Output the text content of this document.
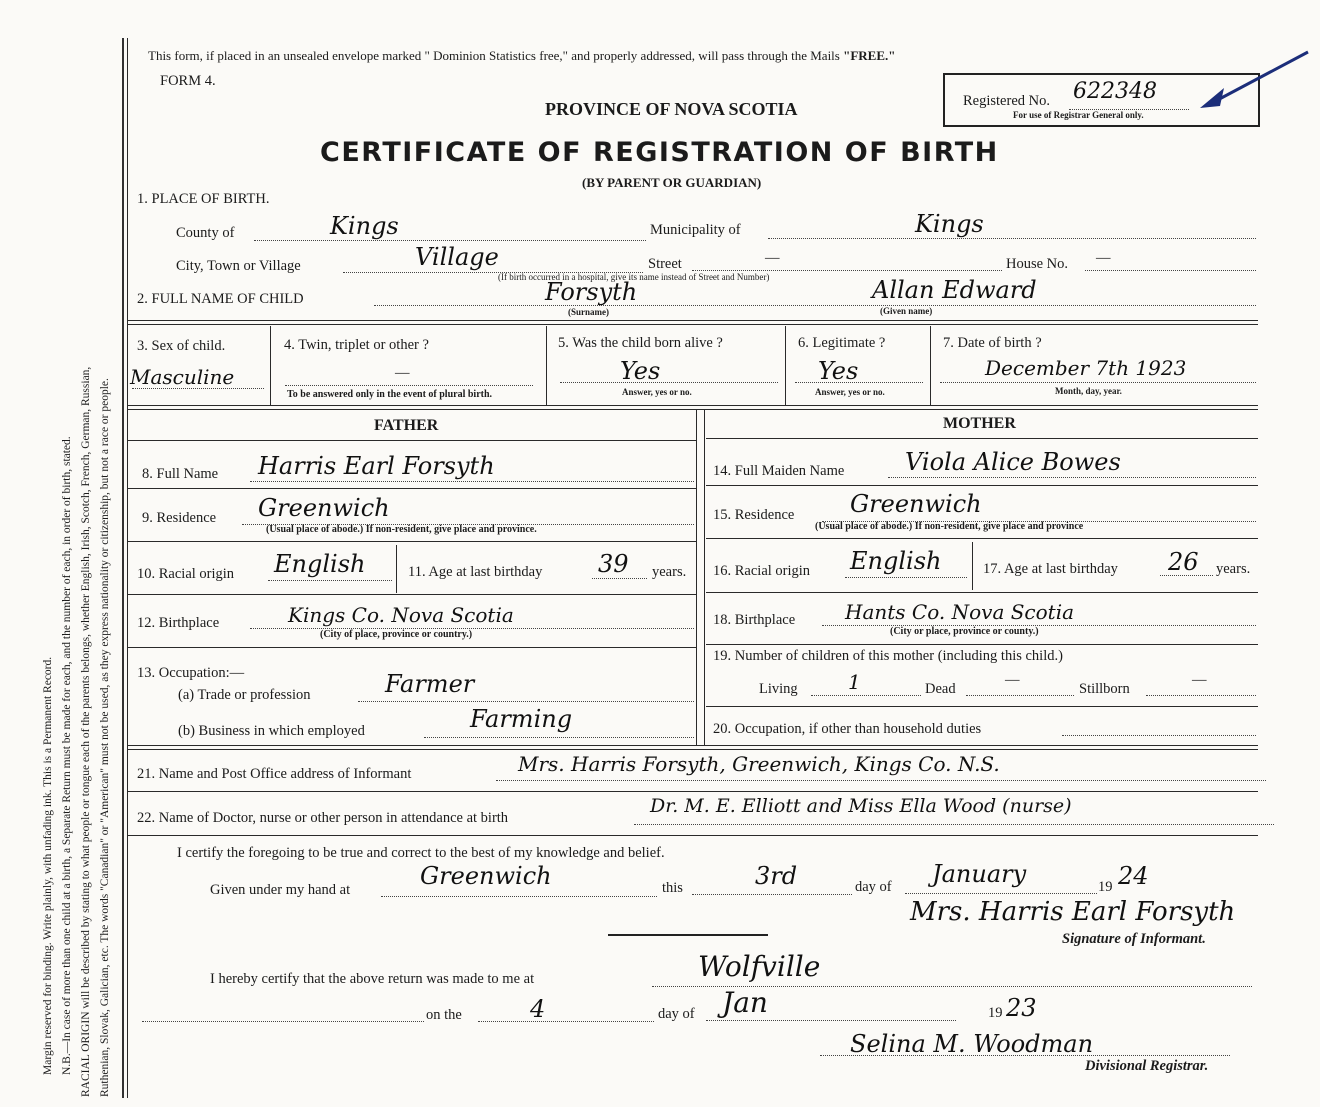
Margin reserved for binding. Write plainly, with unfading ink. This is a Permanent Record. N.B.—In case of more than one child at a birth, a Separate Return must be made for each, and the number of each, in order of birth, stated. RACIAL ORIGIN will be described by stating to what people or tongue each of the parents belongs, whether English, Irish, Scotch, French, German, Russian, Ruthenian, Slovak, Galician, etc. The words "Canadian" or "American" must not be used, as they express nationality or citizenship, but not a race or people.
This form, if placed in an unsealed envelope marked " Dominion Statistics free," and properly addressed, will pass through the Mails "FREE."
FORM 4.
PROVINCE OF NOVA SCOTIA	Registered No. 622348
For use of Registrar General only.
CERTIFICATE OF REGISTRATION OF BIRTH
(BY PARENT OR GUARDIAN)
1. PLACE OF BIRTH.
County of	Kings	Municipality of	Kings
City, Town or Village	Village
(If birth occurred in a hospital, give its name instead of Street and Number)
Street	—	House No. —
2. FULL NAME OF CHILD	Forsyth
(Surname)
Allan Edward
(Given name)
3. Sex of child.
Masculine
4. Twin, triplet or other ?
—
To be answered only in the event of plural birth.
5. Was the child born alive ?
Yes
Answer, yes or no.
6. Legitimate ?
Yes
Answer, yes or no.
7. Date of birth ?
December 7th 1923
Month, day, year.
FATHER	MOTHER
8. Full Name Harris Earl Forsyth
9. Residence Greenwich
(Usual place of abode.) If non-resident, give place and province.
10. Racial origin English	11. Age at last birthday 39 years.
12. Birthplace	Kings Co. Nova Scotia
(City of place, province or country.)
13. Occupation:—
(a) Trade or profession	Farmer
(b) Business in which employed	Farming
14. Full Maiden Name	Viola Alice Bowes
15. Residence Greenwich
(Usual place of abode.) If non-resident, give place and province
16. Racial origin English	17. Age at last birthday 26 years.
18. Birthplace Hants Co. Nova Scotia
(City or place, province or county.)
19. Number of children of this mother (including this child.)
Living	1	Dead
—
Stillborn
—
20. Occupation, if other than household duties
21. Name and Post Office address of Informant	Mrs. Harris Forsyth, Greenwich, Kings Co. N.S.
22. Name of Doctor, nurse or other person in attendance at birth
Dr. M. E. Elliott and Miss Ella Wood (nurse)
I certify the foregoing to be true and correct to the best of my knowledge and belief.
Given under my hand at	Greenwich	this	3rd	day of January	19 24
Mrs. Harris Earl Forsyth
Signature of Informant.
I hereby certify that the above return was made to me at	Wolfville
on the	4	day of Jan	19 23
Selina M. Woodman
Divisional Registrar.
